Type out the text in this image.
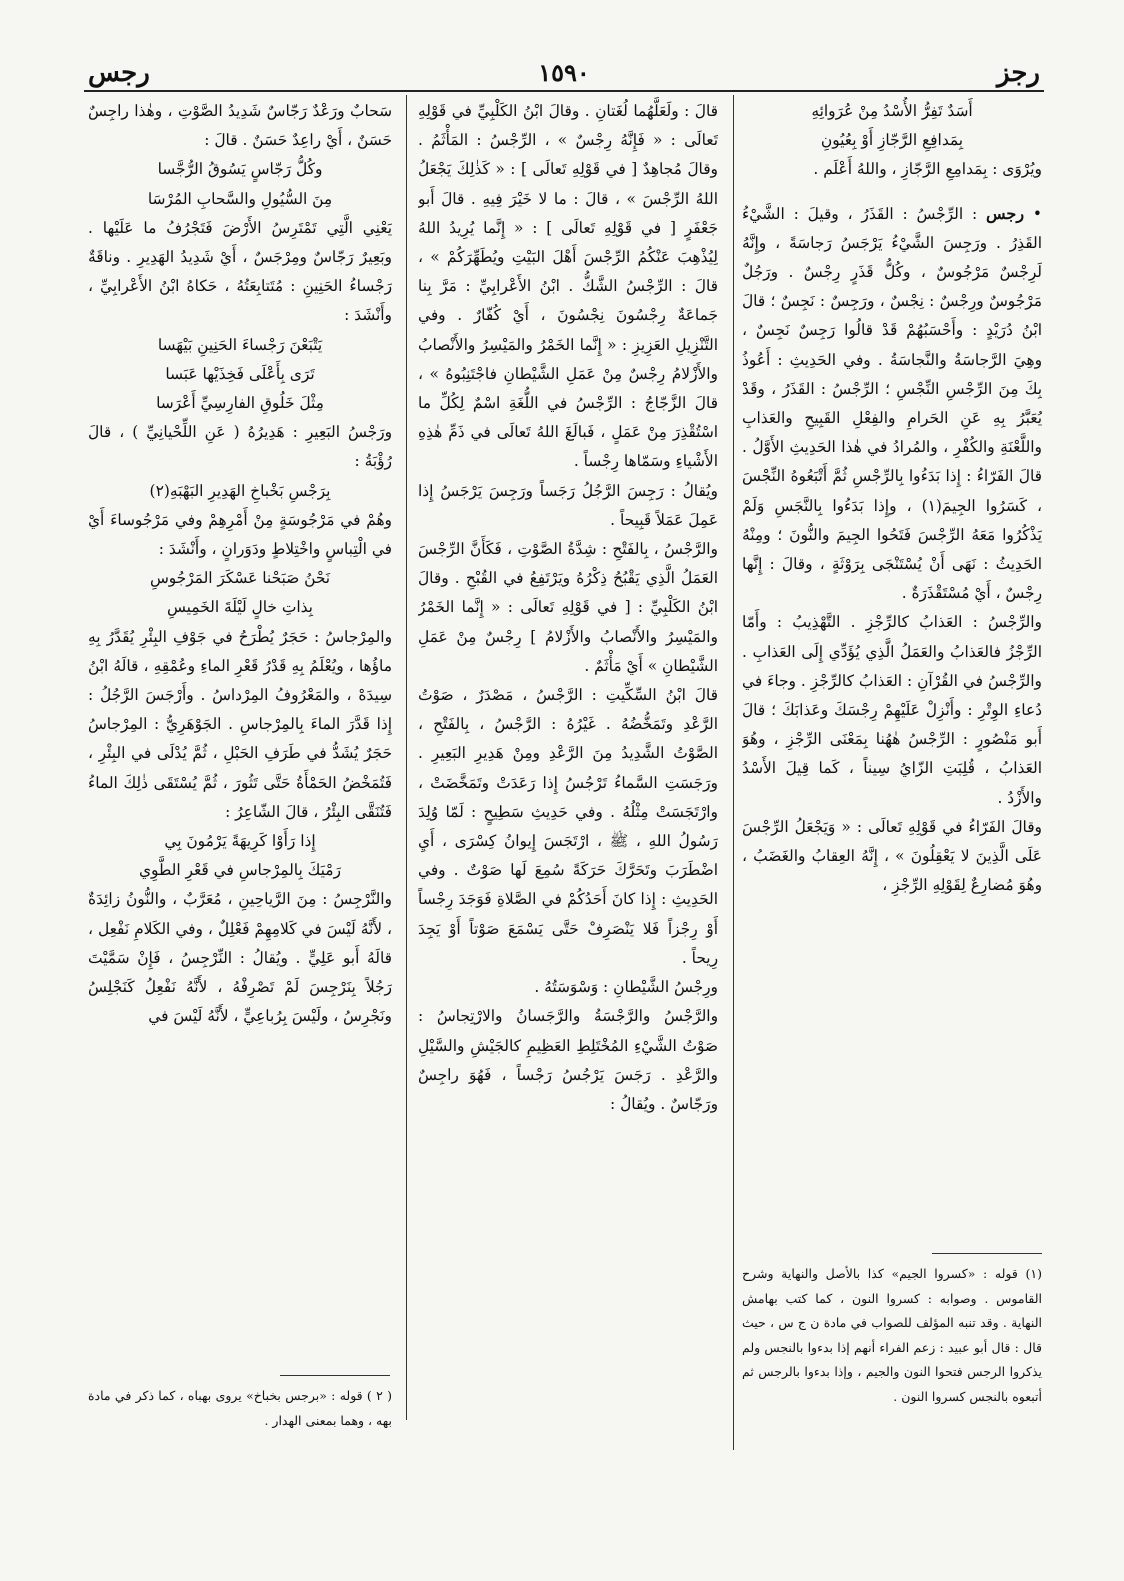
رجز
١٥٩٠
رجس

أَسَدٌ تَفِرُّ الأُسْدُ مِنْ عُرَوائِهِ

بِمَدافِعِ الرَّجّازِ أَوْ بِعُيُونِ

ويُرْوَى : بِمَدامِعِ الرَّجّازِ ، واللهُ أَعْلَم .

• رجس : الرِّجْسُ : القَذَرُ ، وقيلَ : الشَّيْءُ القَذِرُ . ورَجِسَ الشَّيْءُ يَرْجَسُ رَجاسَةً ، وإِنَّهُ لَرِجْسٌ مَرْجُوسٌ ، وكُلُّ قَذَرٍ رِجْسٌ . ورَجُلٌ مَرْجُوسٌ ورِجْسٌ : نِجْسٌ ، ورَجِسٌ : نَجِسٌ ؛ قالَ ابْنُ دُرَيْدٍ : وأَحْسَبُهُمْ قَدْ قالُوا رَجِسٌ نَجِسٌ ، وهِيَ الرَّجاسَةُ والنَّجاسَةُ . وفي الحَدِيثِ : أَعُوذُ بِكَ مِنَ الرِّجْسِ النِّجْسِ ؛ الرِّجْسُ : القَذَرُ ، وقَدْ يُعَبَّرُ بِهِ عَنِ الحَرامِ والفِعْلِ القَبِيحِ والعَذابِ واللَّعْنَةِ والكُفْرِ ، والمُرادُ في هٰذا الحَدِيثِ الأَوَّلُ . قالَ الفَرّاءُ : إِذا بَدَءُوا بِالرِّجْسِ ثُمَّ أَتْبَعُوهُ النِّجْسَ ، كَسَرُوا الجِيمَ(١) ، وإِذا بَدَءُوا بِالنَّجَسِ وَلَمْ يَذْكُرُوا مَعَهُ الرِّجْسَ فَتَحُوا الجِيمَ والنُّونَ ؛ ومِنْهُ الحَدِيثُ : نَهَى أَنْ يُسْتَنْجَى بِرَوْثَةٍ ، وقالَ : إِنَّها رِجْسٌ ، أَيْ مُسْتَقْذَرَةٌ .

والرِّجْسُ : العَذابُ كالرِّجْزِ . التَّهْذِيبُ : وأَمّا الرِّجْزُ فالعَذابُ والعَمَلُ الَّذِي يُؤَدِّي إِلَى العَذابِ . والرِّجْسُ في القُرْآنِ : العَذابُ كالرِّجْزِ . وجاءَ في دُعاءِ الوِتْرِ : وأَنْزِلْ عَلَيْهِمْ رِجْسَكَ وعَذابَكَ ؛ قالَ أَبو مَنْصُورٍ : الرِّجْسُ هٰهُنا بِمَعْنَى الرِّجْزِ ، وهُوَ العَذابُ ، قُلِبَتِ الزّايُ سِيناً ، كَما قِيلَ الأَسْدُ والأَزْدُ .

وقالَ الفَرّاءُ في قَوْلِهِ تَعالَى : « وَيَجْعَلُ الرِّجْسَ عَلَى الَّذِينَ لا يَعْقِلُونَ » ، إِنَّهُ العِقابُ والغَضَبُ ، وهُوَ مُضارِعٌ لِقَوْلِهِ الرِّجْزِ ،

(١) قوله : «كسروا الجيم» كذا بالأصل والنهاية وشرح القاموس . وصوابه : كسروا النون ، كما كتب بهامش النهاية . وقد تنبه المؤلف للصواب في مادة ن ج س ، حيث قال : قال أبو عبيد : زعم الفراء أنهم إذا بدءوا بالنجس ولم يذكروا الرجس فتحوا النون والجيم ، وإذا بدءوا بالرجس ثم أتبعوه بالنجس كسروا النون .

قالَ : ولَعَلَّهُما لُغَتانِ . وقالَ ابْنُ الكَلْبِيِّ في قَوْلِهِ تَعالَى : « فَإِنَّهُ رِجْسٌ » ، الرِّجْسُ : المَأْثَمُ . وقالَ مُجاهِدٌ [ في قَوْلِهِ تَعالَى ] : « كَذٰلِكَ يَجْعَلُ اللهُ الرِّجْسَ » ، قالَ : ما لا خَيْرَ فِيهِ . قالَ أَبو جَعْفَرٍ [ في قَوْلِهِ تَعالَى ] : « إِنَّما يُرِيدُ اللهُ لِيُذْهِبَ عَنْكُمُ الرِّجْسَ أَهْلَ البَيْتِ ويُطَهِّرَكُمْ » ، قالَ : الرِّجْسُ الشَّكُّ . ابْنُ الأَعْرابِيِّ : مَرَّ بِنا جَماعَةٌ رِجْسُونَ نِجْسُونَ ، أَيْ كُفّارٌ . وفي التَّنْزِيلِ العَزِيزِ : « إِنَّما الخَمْرُ والمَيْسِرُ والأَنْصابُ والأَزْلامُ رِجْسٌ مِنْ عَمَلِ الشَّيْطانِ فاجْتَنِبُوهُ » ، قالَ الزَّجّاجُ : الرِّجْسُ في اللُّغَةِ اسْمٌ لِكُلِّ ما اسْتُقْذِرَ مِنْ عَمَلٍ ، فَبالَغَ اللهُ تَعالَى في ذَمِّ هٰذِهِ الأَشْياءِ وسَمّاها رِجْساً .

ويُقالُ : رَجِسَ الرَّجُلُ رَجَساً ورَجِسَ يَرْجَسُ إِذا عَمِلَ عَمَلاً قَبِيحاً .

والرَّجْسُ ، بِالفَتْحِ : شِدَّةُ الصَّوْتِ ، فَكَأَنَّ الرِّجْسَ العَمَلُ الَّذِي يَقْبُحُ ذِكْرُهُ ويَرْتَفِعُ في القُبْحِ . وقالَ ابْنُ الكَلْبِيِّ : [ في قَوْلِهِ تَعالَى : « إِنَّما الخَمْرُ والمَيْسِرُ والأَنْصابُ والأَزْلامُ ] رِجْسٌ مِنْ عَمَلِ الشَّيْطانِ » أَيْ مَأْثَمٌ .

قالَ ابْنُ السِّكِّيتِ : الرَّجْسُ ، مَصْدَرٌ ، صَوْتُ الرَّعْدِ وتَمَخُّضُهُ . غَيْرُهُ : الرَّجْسُ ، بِالفَتْحِ ، الصَّوْتُ الشَّدِيدُ مِنَ الرَّعْدِ ومِنْ هَدِيرِ البَعِيرِ . ورَجَسَتِ السَّماءُ تَرْجُسُ إِذا رَعَدَتْ وتَمَخَّضَتْ ، وارْتَجَسَتْ مِثْلُهُ . وفي حَدِيثِ سَطِيحٍ : لَمّا وُلِدَ رَسُولُ اللهِ ، ﷺ ، ارْتَجَسَ إِيوانُ كِسْرَى ، أَيِ اضْطَرَبَ وتَحَرَّكَ حَرَكَةً سُمِعَ لَها صَوْتٌ . وفي الحَدِيثِ : إِذا كانَ أَحَدُكُمْ في الصَّلاةِ فَوَجَدَ رِجْساً أَوْ رِجْزاً فَلا يَنْصَرِفْ حَتَّى يَسْمَعَ صَوْتاً أَوْ يَجِدَ رِيحاً .

ورِجْسُ الشَّيْطانِ : وَسْوَسَتُهُ .

والرَّجْسُ والرَّجْسَةُ والرَّجَسانُ والارْتِجاسُ : صَوْتُ الشَّيْءِ المُخْتَلِطِ العَظِيمِ كالجَيْشِ والسَّيْلِ والرَّعْدِ . رَجَسَ يَرْجُسُ رَجْساً ، فَهُوَ راجِسٌ ورَجّاسٌ . ويُقالُ :

سَحابٌ ورَعْدٌ رَجّاسٌ شَدِيدُ الصَّوْتِ ، وهٰذا راجِسٌ حَسَنٌ ، أَيْ راعِدٌ حَسَنٌ . قالَ :

وكُلُّ رَجّاسٍ يَسُوقُ الرُّجَّسا

مِنَ السُّيُولِ والسَّحابِ المُرْسَا

يَعْنِي الَّتِي تَمْتَرِسُ الأَرْضَ فَتَجْرُفُ ما عَلَيْها . وبَعِيرٌ رَجّاسٌ ومِرْجَسٌ ، أَيْ شَدِيدُ الهَدِيرِ . وناقَةٌ رَجْساءُ الحَنِينِ : مُتَتابِعَتُهُ ، حَكاهُ ابْنُ الأَعْرابِيِّ ، وأَنْشَدَ :

يَتْبَعْنَ رَجْساءَ الحَنِينِ بَيْهَسا

تَرَى بِأَعْلَى فَخِذَيْها عَبَسا

مِثْلَ خَلُوقِ الفارِسِيِّ أَعْرَسا

ورَجْسُ البَعِيرِ : هَدِيرُهُ ( عَنِ اللِّحْيانِيِّ ) ، قالَ رُؤْبَةُ :

بِرَجْسِ بَخْباخِ الهَدِيرِ البَهْبَهِ(٢)

وهُمْ في مَرْجُوسَةٍ مِنْ أَمْرِهِمْ وفي مَرْجُوساءَ أَيْ في الْتِباسٍ واخْتِلاطٍ ودَوَرانٍ ، وأَنْشَدَ :

نَحْنُ صَبَحْنا عَسْكَرَ المَرْجُوسِ

بِذاتِ خالٍ لَيْلَةَ الخَمِيسِ

والمِرْجاسُ : حَجَرٌ يُطْرَحُ في جَوْفِ البِئْرِ يُقَدَّرُ بِهِ ماؤُها ، ويُعْلَمُ بِهِ قَدْرُ قَعْرِ الماءِ وعُمْقِهِ ، قالَهُ ابْنُ سِيدَهْ ، والمَعْرُوفُ المِرْداسُ . وأَرْجَسَ الرَّجُلُ : إِذا قَدَّرَ الماءَ بِالمِرْجاسِ . الجَوْهَرِيُّ : المِرْجاسُ حَجَرٌ يُشَدُّ في طَرَفِ الحَبْلِ ، ثُمَّ يُدْلَى في البِئْرِ ، فَتُمَخْضُ الحَمْأَةُ حَتَّى تَثُورَ ، ثُمَّ يُسْتَقَى ذٰلِكَ الماءُ فَتُنَقَّى البِئْرُ ، قالَ الشّاعِرُ :

إِذا رَأَوْا كَرِيهَةً يَرْمُونَ بِي

رَمْيَكَ بِالمِرْجاسِ في قَعْرِ الطَّوِي

والنَّرْجِسُ : مِنَ الرَّياحِينِ ، مُعَرَّبٌ ، والنُّونُ زائِدَةٌ ، لأَنَّهُ لَيْسَ في كَلامِهِمْ فَعْلِلٌ ، وفي الكَلامِ نَفْعِل ، قالَهُ أَبو عَلِيٍّ . ويُقالُ : النِّرْجِسُ ، فَإِنْ سَمَّيْتَ رَجُلاً بِنَرْجِسَ لَمْ تَصْرِفْهُ ، لأَنَّهُ نَفْعِلُ كَنَجْلِسُ ونَجْرِسُ ، ولَيْسَ بِرُباعِيٍّ ، لأَنَّهُ لَيْسَ في

( ٢ ) قوله : «برجس بخباخ» يروى بهباه ، كما ذكر في مادة بهه ، وهما بمعنى الهدار .
